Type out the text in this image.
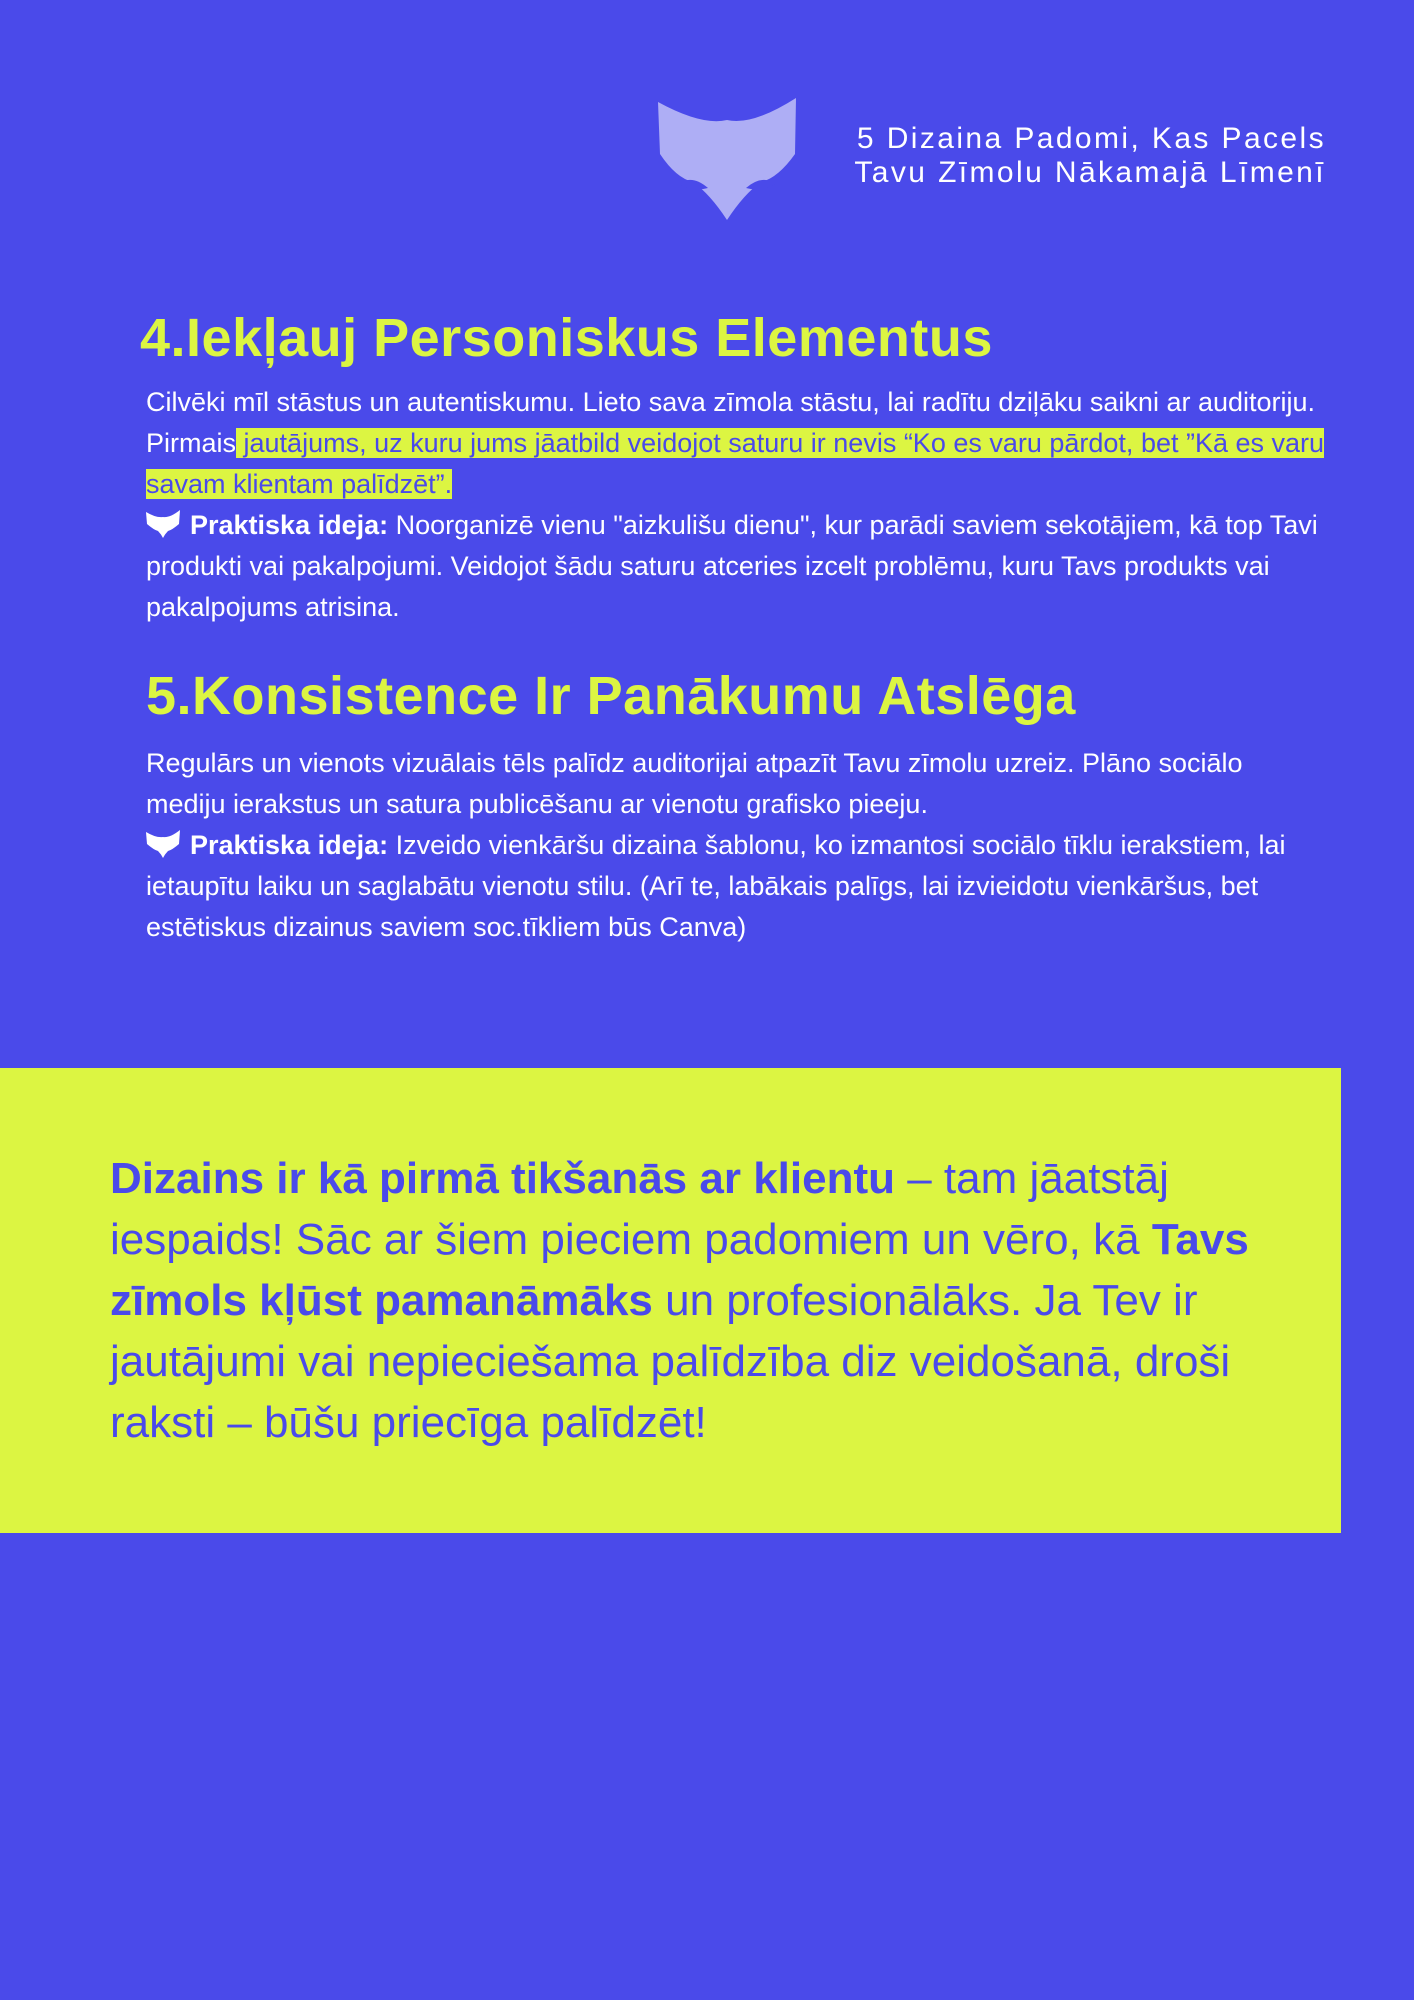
5 Dizaina Padomi, Kas Pacels
Tavu Zīmolu Nākamajā Līmenī
4.Iekļauj Personiskus Elementus

Cilvēki mīl stāstus un autentiskumu. Lieto sava zīmola stāstu, lai radītu dziļāku saikni ar auditoriju. Pirmais jautājums, uz kuru jums jāatbild veidojot saturu ir nevis “Ko es varu pārdot, bet ”Kā es varu savam klientam palīdzēt”.
Praktiska ideja: Noorganizē vienu "aizkulišu dienu", kur parādi saviem sekotājiem, kā top Tavi produkti vai pakalpojumi. Veidojot šādu saturu atceries izcelt problēmu, kuru Tavs produkts vai pakalpojums atrisina.

5.Konsistence Ir Panākumu Atslēga

Regulārs un vienots vizuālais tēls palīdz auditorijai atpazīt Tavu zīmolu uzreiz. Plāno sociālo mediju ierakstus un satura publicēšanu ar vienotu grafisko pieeju.
Praktiska ideja: Izveido vienkāršu dizaina šablonu, ko izmantosi sociālo tīklu ierakstiem, lai ietaupītu laiku un saglabātu vienotu stilu. (Arī te, labākais palīgs, lai izvieidotu vienkāršus, bet estētiskus dizainus saviem soc.tīkliem būs Canva)

Dizains ir kā pirmā tikšanās ar klientu – tam jāatstāj iespaids! Sāc ar šiem pieciem padomiem un vēro, kā Tavs zīmols kļūst pamanāmāks un profesionālāks. Ja Tev ir jautājumi vai nepieciešama palīdzība diz veidošanā, droši raksti – būšu priecīga palīdzēt!
